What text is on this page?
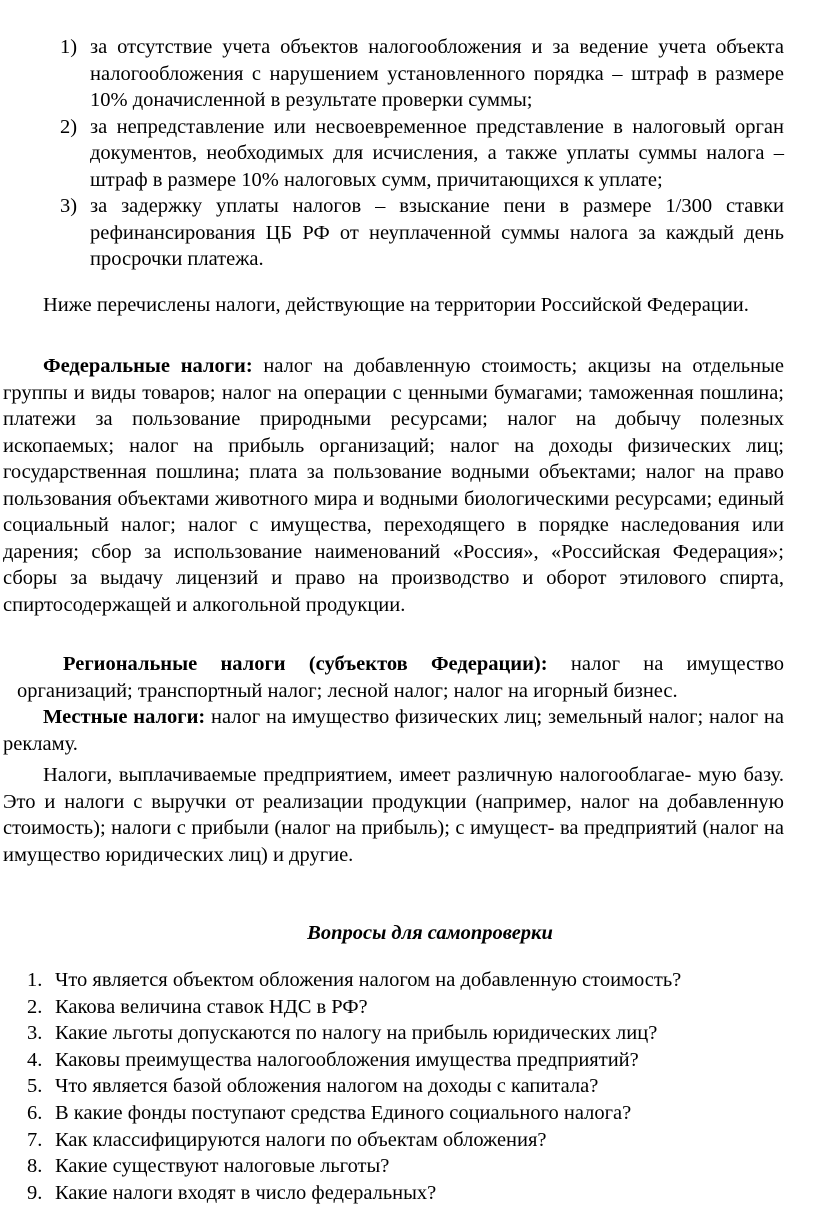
1) за отсутствие учета объектов налогообложения и за ведение учета объекта налогообложения с нарушением установленного порядка – штраф в размере 10% доначисленной в результате проверки суммы;
2) за непредставление или несвоевременное представление в налоговый орган документов, необходимых для исчисления, а также уплаты суммы налога – штраф в размере 10% налоговых сумм, причитающихся к уплате;
3) за задержку уплаты налогов – взыскание пени в размере 1/300 ставки рефинансирования ЦБ РФ от неуплаченной суммы налога за каждый день просрочки платежа.

Ниже перечислены налоги, действующие на территории Российской Федерации.

Федеральные налоги: налог на добавленную стоимость; акцизы на отдельные группы и виды товаров; налог на операции с ценными бумагами; таможенная пошлина; платежи за пользование природными ресурсами; налог на добычу полезных ископаемых; налог на прибыль организаций; налог на доходы физических лиц; государственная пошлина; плата за пользование водными объектами; налог на право пользования объектами животного мира и водными биологическими ресурсами; единый социальный налог; налог с имущества, переходящего в порядке наследования или дарения; сбор за использование наименований «Россия», «Российская Федерация»; сборы за выдачу лицензий и право на производство и оборот этилового спирта, спиртосодержащей и алкогольной продукции.

Региональные налоги (субъектов Федерации): налог на имущество организаций; транспортный налог; лесной налог; налог на игорный бизнес.

Местные налоги: налог на имущество физических лиц; земельный налог; налог на рекламу.

Налоги, выплачиваемые предприятием, имеет различную налогооблагае- мую базу. Это и налоги с выручки от реализации продукции (например, налог на добавленную стоимость); налоги с прибыли (налог на прибыль); с имущест- ва предприятий (налог на имущество юридических лиц) и другие.

Вопросы для самопроверки
1. Что является объектом обложения налогом на добавленную стоимость?
2. Какова величина ставок НДС в РФ?
3. Какие льготы допускаются по налогу на прибыль юридических лиц?
4. Каковы преимущества налогообложения имущества предприятий?
5. Что является базой обложения налогом на доходы с капитала?
6. В какие фонды поступают средства Единого социального налога?
7. Как классифицируются налоги по объектам обложения?
8. Какие существуют налоговые льготы?
9. Какие налоги входят в число федеральных?
